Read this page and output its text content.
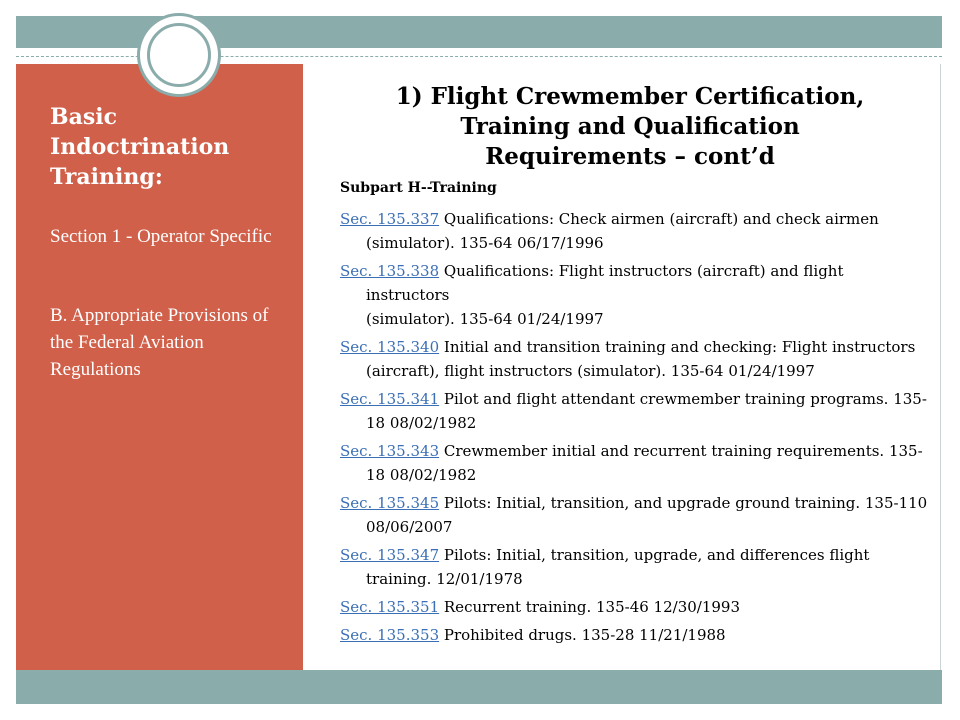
Basic Indoctrination Training:
Section 1 - Operator Specific
B. Appropriate Provisions of the Federal Aviation Regulations
1) Flight Crewmember Certification,
Training and Qualification
Requirements – cont’d
Subpart H--Training
Sec. 135.337 Qualifications: Check airmen (aircraft) and check airmen (simulator). 135-64 06/17/1996
Sec. 135.338 Qualifications: Flight instructors (aircraft) and flight instructors
(simulator). 135-64 01/24/1997
Sec. 135.340 Initial and transition training and checking: Flight instructors (aircraft), flight instructors (simulator). 135-64 01/24/1997
Sec. 135.341 Pilot and flight attendant crewmember training programs. 135-18 08/02/1982
Sec. 135.343 Crewmember initial and recurrent training requirements. 135-18 08/02/1982
Sec. 135.345 Pilots: Initial, transition, and upgrade ground training. 135-110 08/06/2007
Sec. 135.347 Pilots: Initial, transition, upgrade, and differences flight training. 12/01/1978
Sec. 135.351 Recurrent training. 135-46 12/30/1993
Sec. 135.353 Prohibited drugs. 135-28 11/21/1988
